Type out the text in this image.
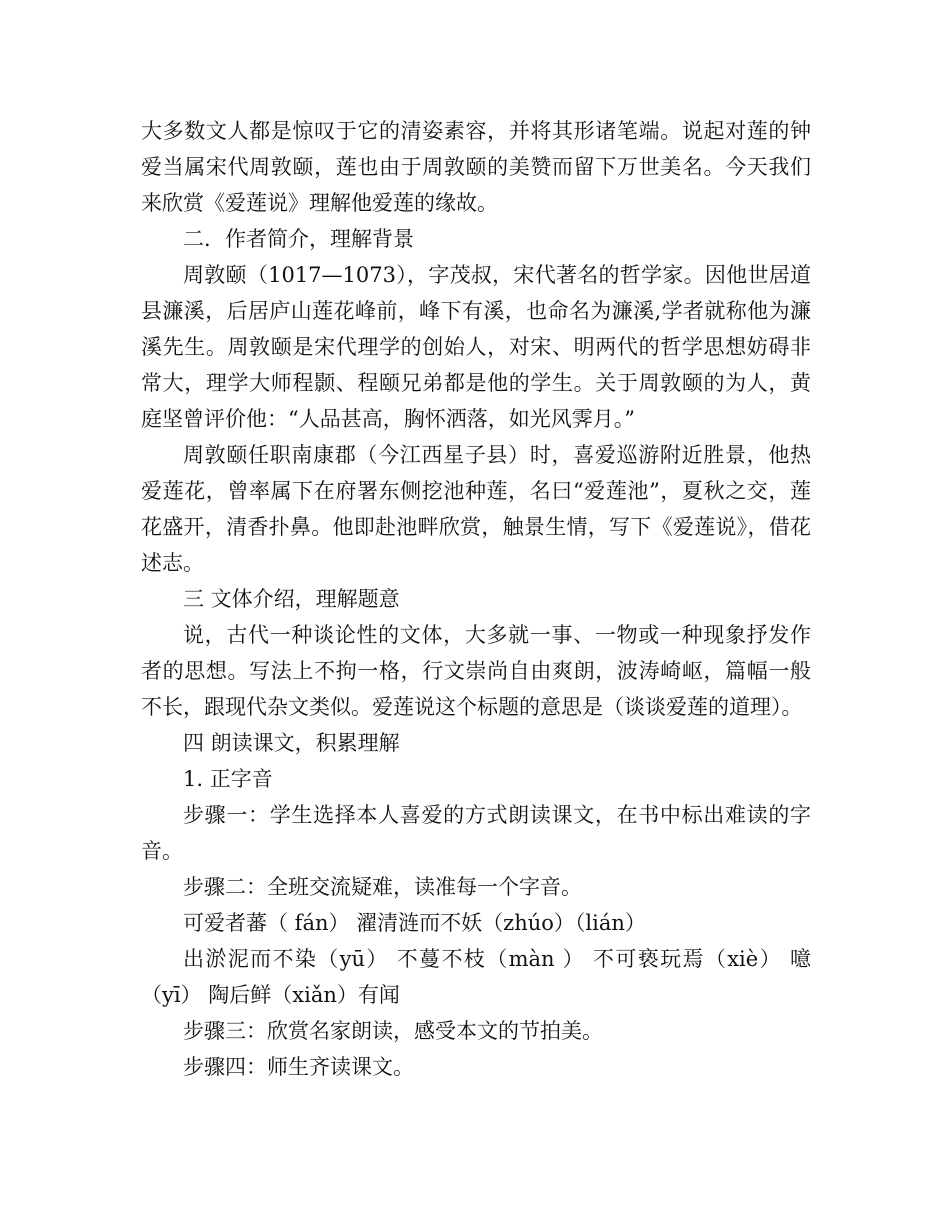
大多数文人都是惊叹于它的清姿素容，并将其形诸笔端。说起对莲的钟爱当属宋代周敦颐，莲也由于周敦颐的美赞而留下万世美名。今天我们来欣赏《爱莲说》理解他爱莲的缘故。

二．作者简介，理解背景

周敦颐（1017—1073），字茂叔，宋代著名的哲学家。因他世居道县濂溪，后居庐山莲花峰前，峰下有溪，也命名为濂溪,学者就称他为濂溪先生。周敦颐是宋代理学的创始人，对宋、明两代的哲学思想妨碍非常大，理学大师程颢、程颐兄弟都是他的学生。关于周敦颐的为人，黄庭坚曾评价他：“人品甚高，胸怀洒落，如光风霁月。”

周敦颐任职南康郡（今江西星子县）时，喜爱巡游附近胜景，他热爱莲花，曾率属下在府署东侧挖池种莲，名曰“爱莲池”，夏秋之交，莲花盛开，清香扑鼻。他即赴池畔欣赏，触景生情，写下《爱莲说》，借花述志。

三 文体介绍，理解题意

说，古代一种谈论性的文体，大多就一事、一物或一种现象抒发作者的思想。写法上不拘一格，行文崇尚自由爽朗，波涛崎岖，篇幅一般不长，跟现代杂文类似。爱莲说这个标题的意思是（谈谈爱莲的道理）。

四 朗读课文，积累理解

1. 正字音

步骤一：学生选择本人喜爱的方式朗读课文，在书中标出难读的字音。

步骤二：全班交流疑难，读准每一个字音。

可爱者蕃（ fán） 濯清涟而不妖（zhúo）（lián）

出淤泥而不染（yū） 不蔓不枝（màn ） 不可亵玩焉（xiè） 噫（yī） 陶后鲜（xiǎn）有闻

步骤三：欣赏名家朗读，感受本文的节拍美。

步骤四：师生齐读课文。
